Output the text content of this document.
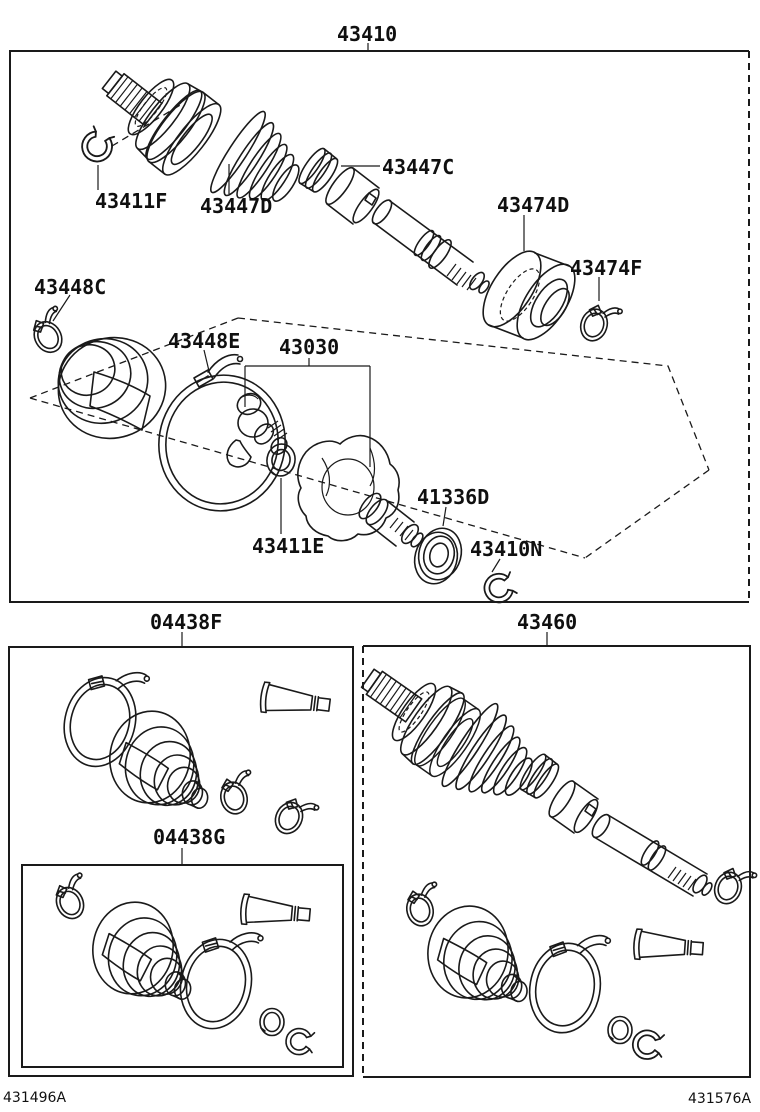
43410
43411F 43447D
43447C
43474D
43474F
43448C
43448E 43030
43411E
41336D
43410N
04438F
04438G
43460
431496A	431576A
